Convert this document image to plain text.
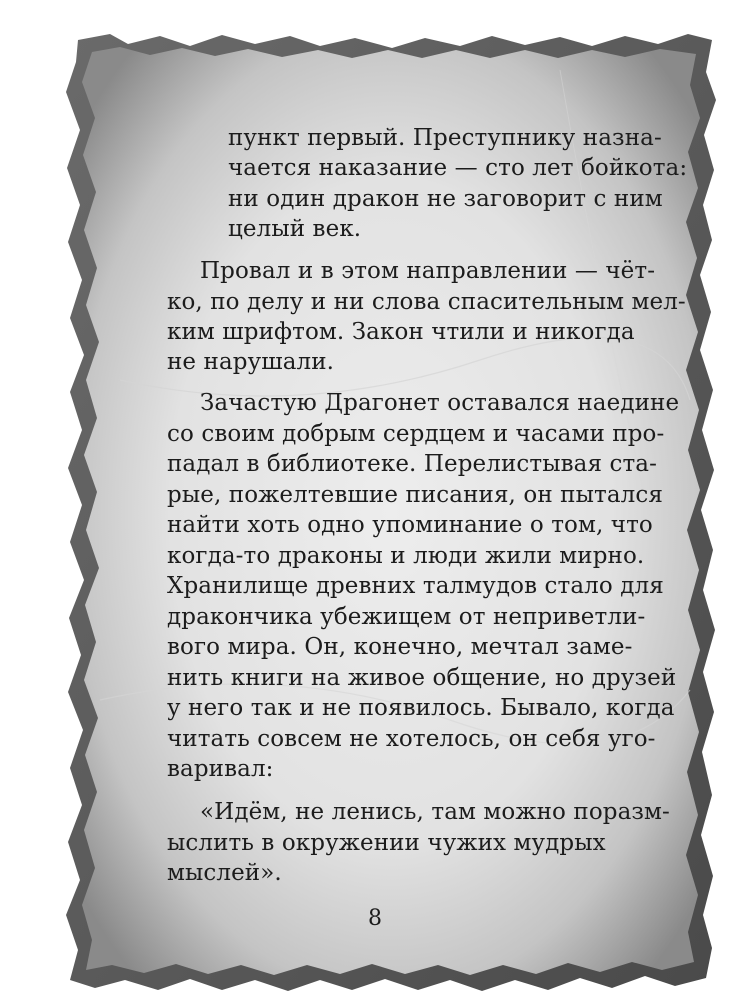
пункт первый. Преступнику назна-
чается наказание — сто лет бойкота:
ни один дракон не заговорит с ним
целый век.
Провал и в этом направлении — чёт-
ко, по делу и ни слова спасительным мел-
ким шрифтом. Закон чтили и никогда
не нарушали.
Зачастую Драгонет оставался наедине
со своим добрым сердцем и часами про-
падал в библиотеке. Перелистывая ста-
рые, пожелтевшие писания, он пытался
найти хоть одно упоминание о том, что
когда-то драконы и люди жили мирно.
Хранилище древних талмудов стало для
дракончика убежищем от неприветли-
вого мира. Он, конечно, мечтал заме-
нить книги на живое общение, но друзей
у него так и не появилось. Бывало, когда
читать совсем не хотелось, он себя уго-
варивал:
«Идём, не ленись, там можно поразм-
ыслить в окружении чужих мудрых
мыслей».
8
